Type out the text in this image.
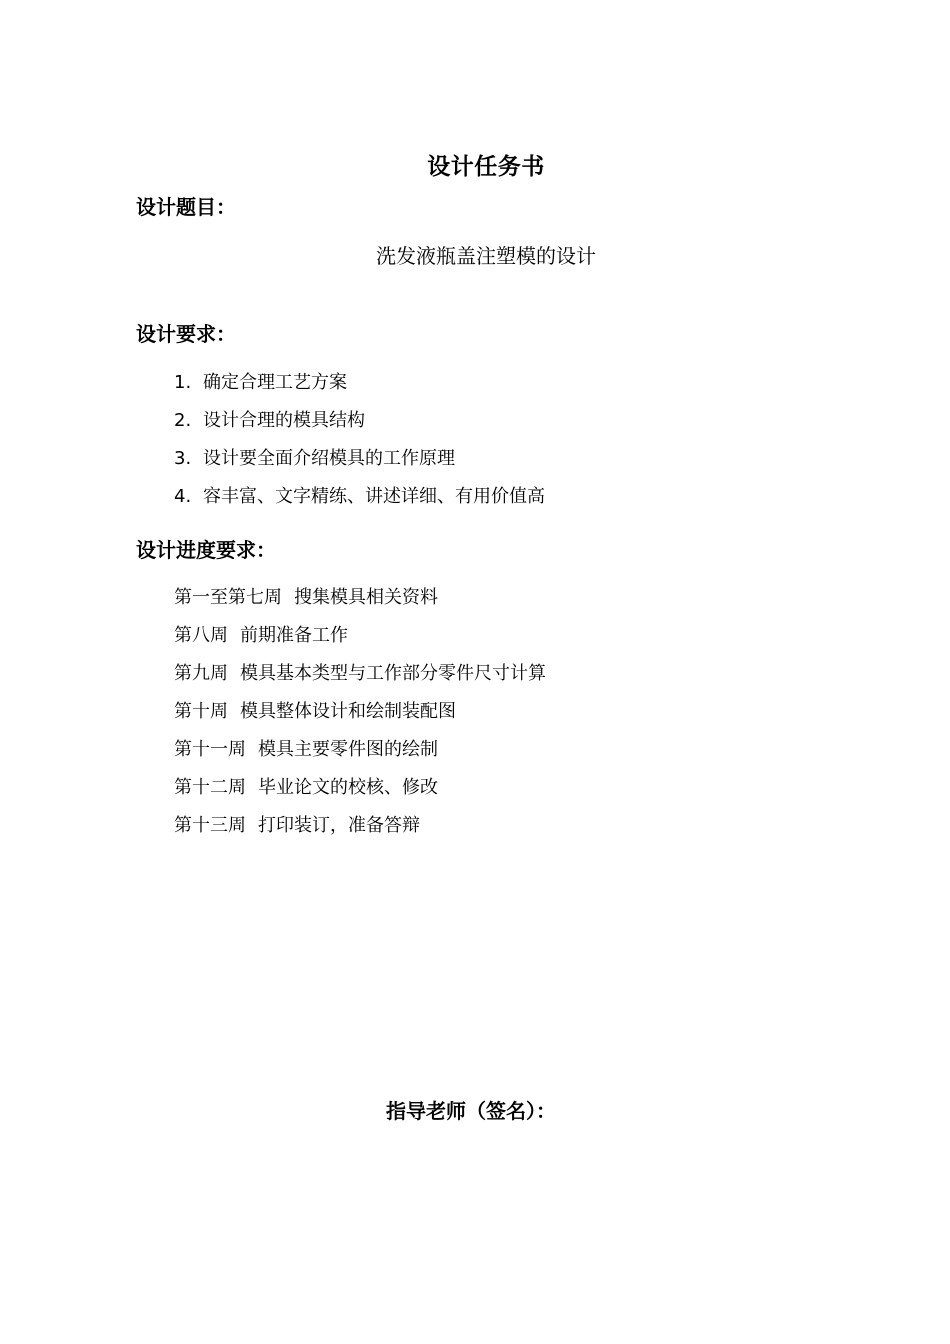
设计任务书
设计题目：
洗发液瓶盖注塑模的设计
设计要求：
1. 确定合理工艺方案
2. 设计合理的模具结构
3. 设计要全面介绍模具的工作原理
4. 容丰富、文字精练、讲述详细、有用价值高
设计进度要求：
第一至第七周 搜集模具相关资料
第八周 前期准备工作
第九周 模具基本类型与工作部分零件尺寸计算
第十周 模具整体设计和绘制装配图
第十一周 模具主要零件图的绘制
第十二周 毕业论文的校核、修改
第十三周 打印装订，准备答辩
指导老师（签名）：
